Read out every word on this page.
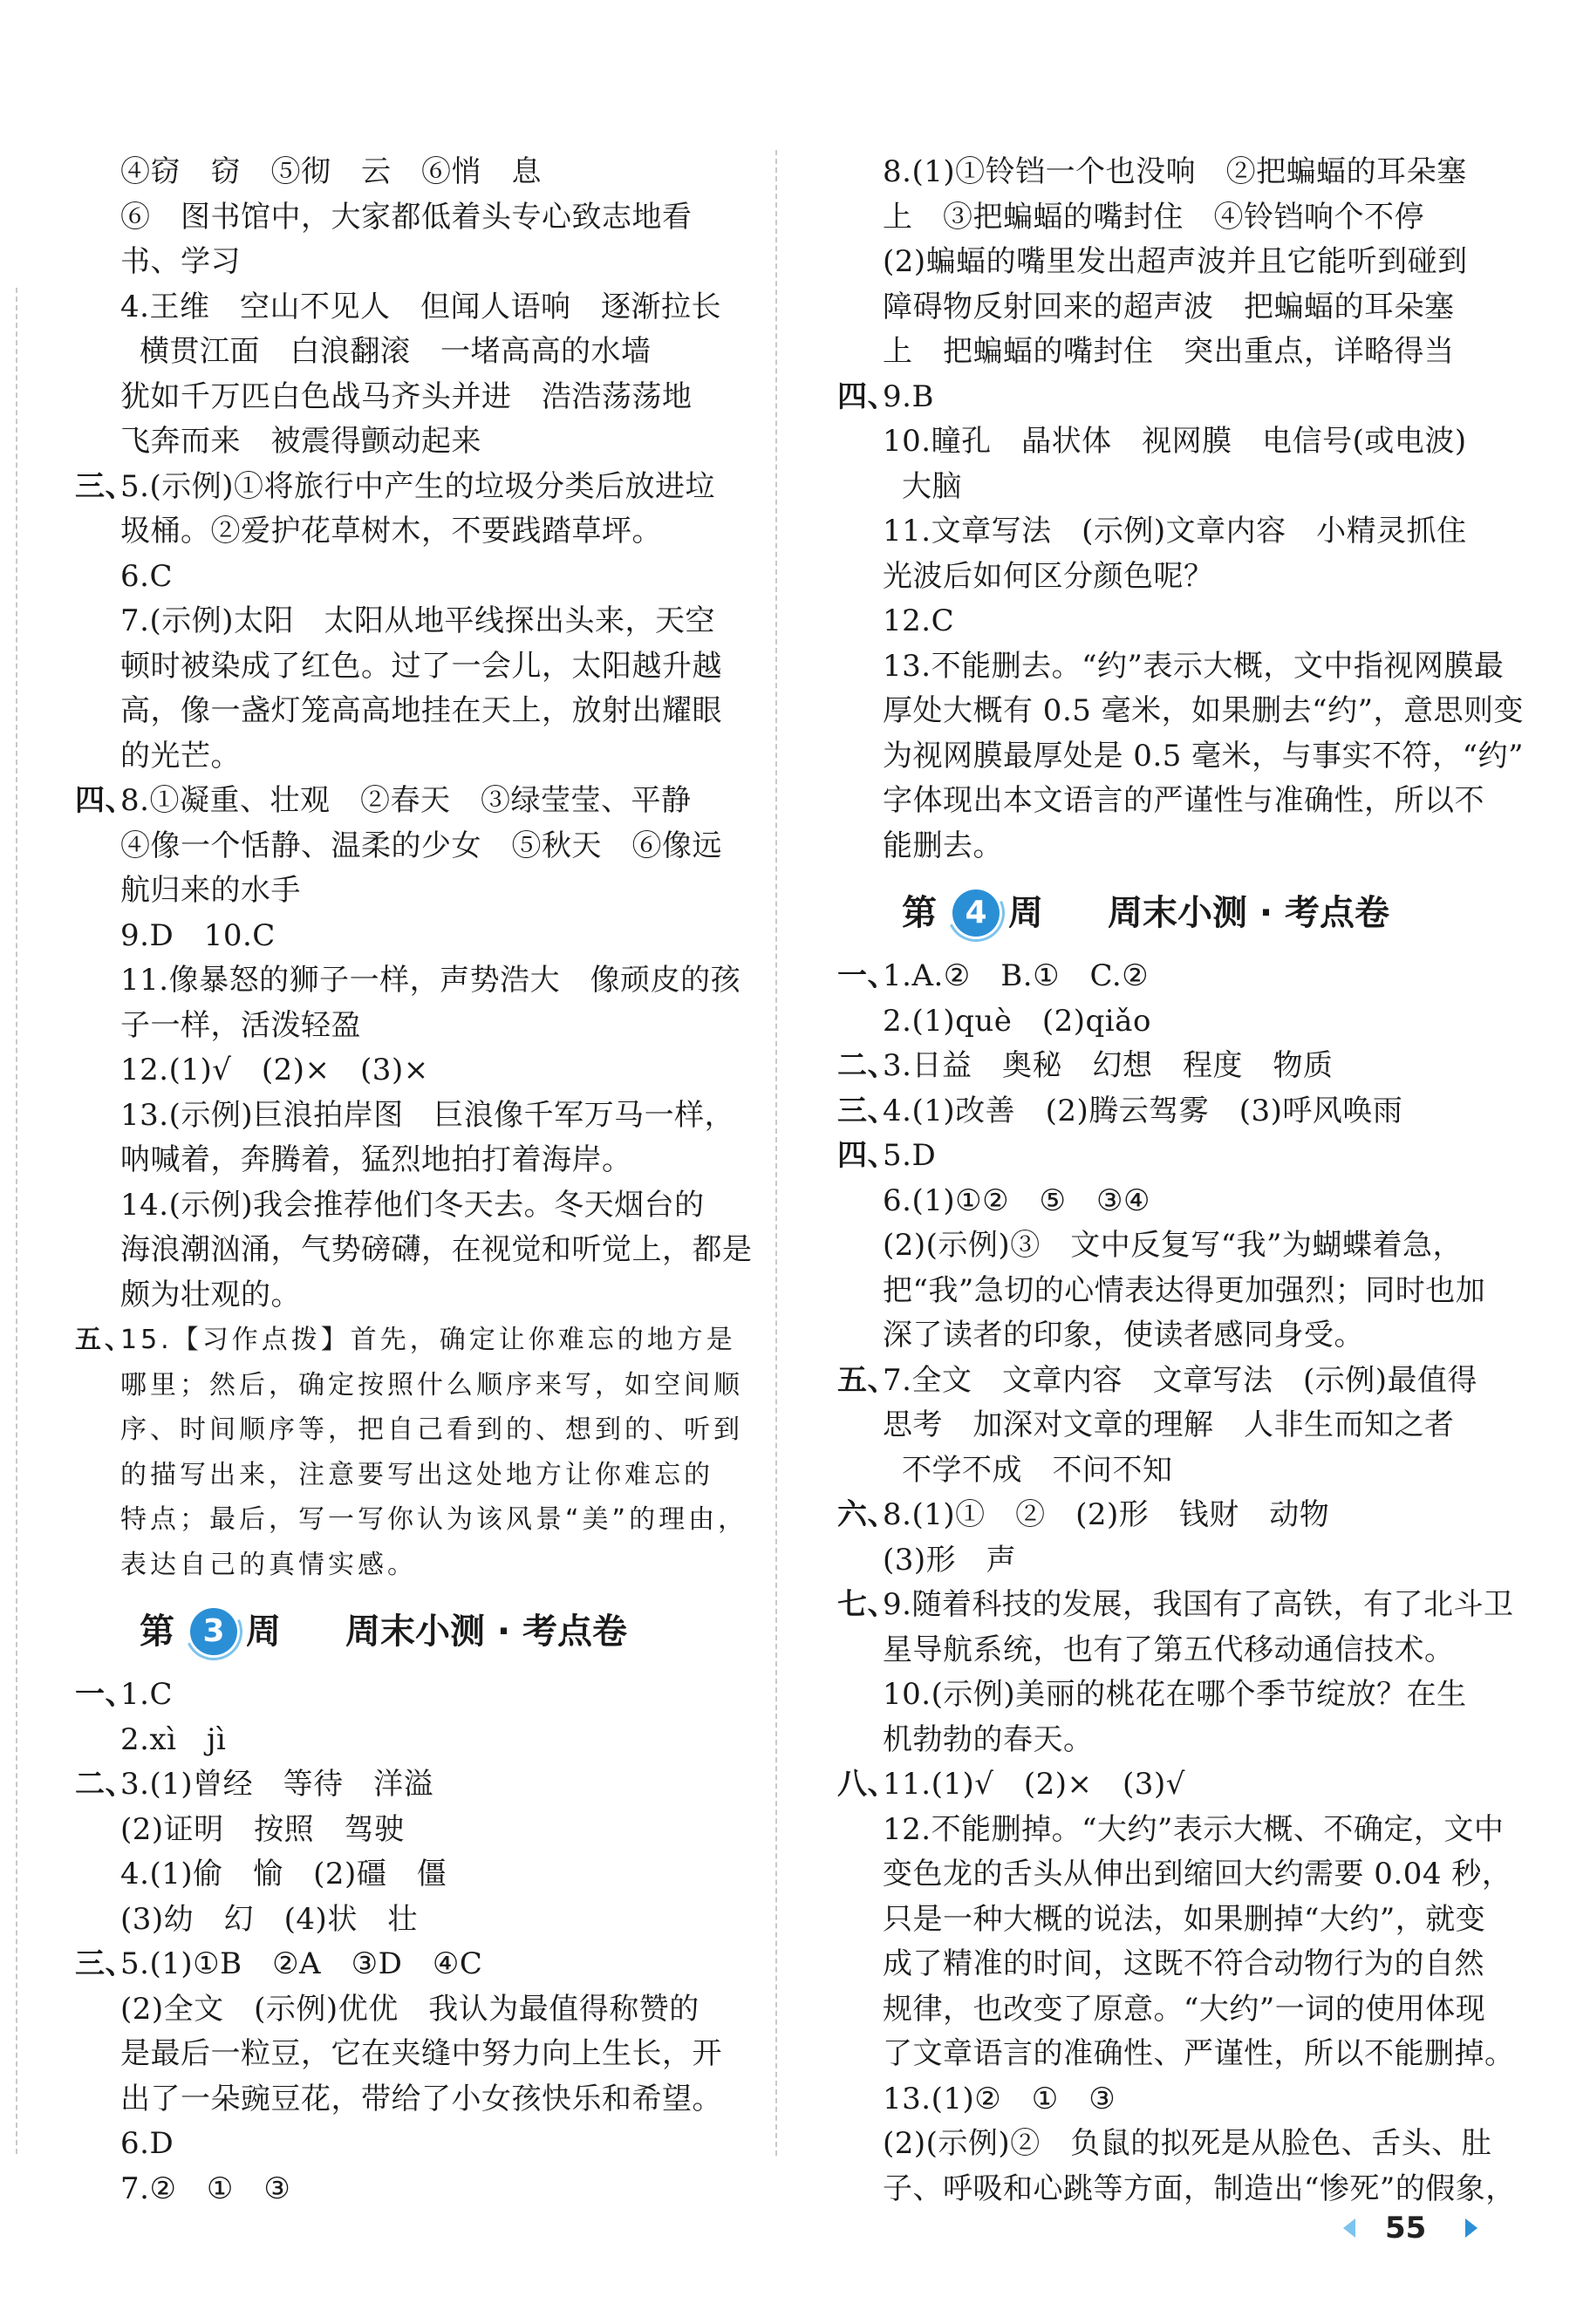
④窃　窃　⑤彻　云　⑥悄　息
⑥　图书馆中，大家都低着头专心致志地看
书、学习
4.王维　空山不见人　但闻人语响　逐渐拉长
横贯江面　白浪翻滚　一堵高高的水墙
犹如千万匹白色战马齐头并进　浩浩荡荡地
飞奔而来　被震得颤动起来
三、
5.(示例)①将旅行中产生的垃圾分类后放进垃
圾桶。②爱护花草树木，不要践踏草坪。
6.C
7.(示例)太阳　太阳从地平线探出头来，天空
顿时被染成了红色。过了一会儿，太阳越升越
高，像一盏灯笼高高地挂在天上，放射出耀眼
的光芒。
四、
8.①凝重、壮观　②春天　③绿莹莹、平静
④像一个恬静、温柔的少女　⑤秋天　⑥像远
航归来的水手
9.D　10.C
11.像暴怒的狮子一样，声势浩大　像顽皮的孩
子一样，活泼轻盈
12.(1)√　(2)×　(3)×
13.(示例)巨浪拍岸图　巨浪像千军万马一样，
呐喊着，奔腾着，猛烈地拍打着海岸。
14.(示例)我会推荐他们冬天去。冬天烟台的
海浪潮汹涌，气势磅礴，在视觉和听觉上，都是
颇为壮观的。
五、
15.【习作点拨】首先，确定让你难忘的地方是
哪里；然后，确定按照什么顺序来写，如空间顺
序、时间顺序等，把自己看到的、想到的、听到
的描写出来，注意要写出这处地方让你难忘的
特点；最后，写一写你认为该风景“美”的理由，
表达自己的真情实感。
第 3 周 周末小测 · 考点卷
一、
1.C
2.xì　jì
二、
3.(1)曾经　等待　洋溢
(2)证明　按照　驾驶
4.(1)偷　愉　(2)礓　僵
(3)幼　幻　(4)状　壮
三、
5.(1)①B　②A　③D　④C
(2)全文　(示例)优优　我认为最值得称赞的
是最后一粒豆，它在夹缝中努力向上生长，开
出了一朵豌豆花，带给了小女孩快乐和希望。
6.D
7.②　①　③
8.(1)①铃铛一个也没响　②把蝙蝠的耳朵塞
上　③把蝙蝠的嘴封住　④铃铛响个不停
(2)蝙蝠的嘴里发出超声波并且它能听到碰到
障碍物反射回来的超声波　把蝙蝠的耳朵塞
上　把蝙蝠的嘴封住　突出重点，详略得当
四、
9.B
10.瞳孔　晶状体　视网膜　电信号(或电波)
大脑
11.文章写法　(示例)文章内容　小精灵抓住
光波后如何区分颜色呢？
12.C
13.不能删去。“约”表示大概，文中指视网膜最
厚处大概有 0.5 毫米，如果删去“约”，意思则变
为视网膜最厚处是 0.5 毫米，与事实不符，“约”
字体现出本文语言的严谨性与准确性，所以不
能删去。
第 4 周 周末小测 · 考点卷
一、
1.A.②　B.①　C.②
2.(1)què　(2)qiǎo
二、
3.日益　奥秘　幻想　程度　物质
三、
4.(1)改善　(2)腾云驾雾　(3)呼风唤雨
四、
5.D
6.(1)①②　⑤　③④
(2)(示例)③　文中反复写“我”为蝴蝶着急，
把“我”急切的心情表达得更加强烈；同时也加
深了读者的印象，使读者感同身受。
五、
7.全文　文章内容　文章写法　(示例)最值得
思考　加深对文章的理解　人非生而知之者
不学不成　不问不知
六、
8.(1)①　②　(2)形　钱财　动物
(3)形　声
七、
9.随着科技的发展，我国有了高铁，有了北斗卫
星导航系统，也有了第五代移动通信技术。
10.(示例)美丽的桃花在哪个季节绽放？在生
机勃勃的春天。
八、
11.(1)√　(2)×　(3)√
12.不能删掉。“大约”表示大概、不确定，文中
变色龙的舌头从伸出到缩回大约需要 0.04 秒，
只是一种大概的说法，如果删掉“大约”，就变
成了精准的时间，这既不符合动物行为的自然
规律，也改变了原意。“大约”一词的使用体现
了文章语言的准确性、严谨性，所以不能删掉。
13.(1)②　①　③
(2)(示例)②　负鼠的拟死是从脸色、舌头、肚
子、呼吸和心跳等方面，制造出“惨死”的假象，
55
